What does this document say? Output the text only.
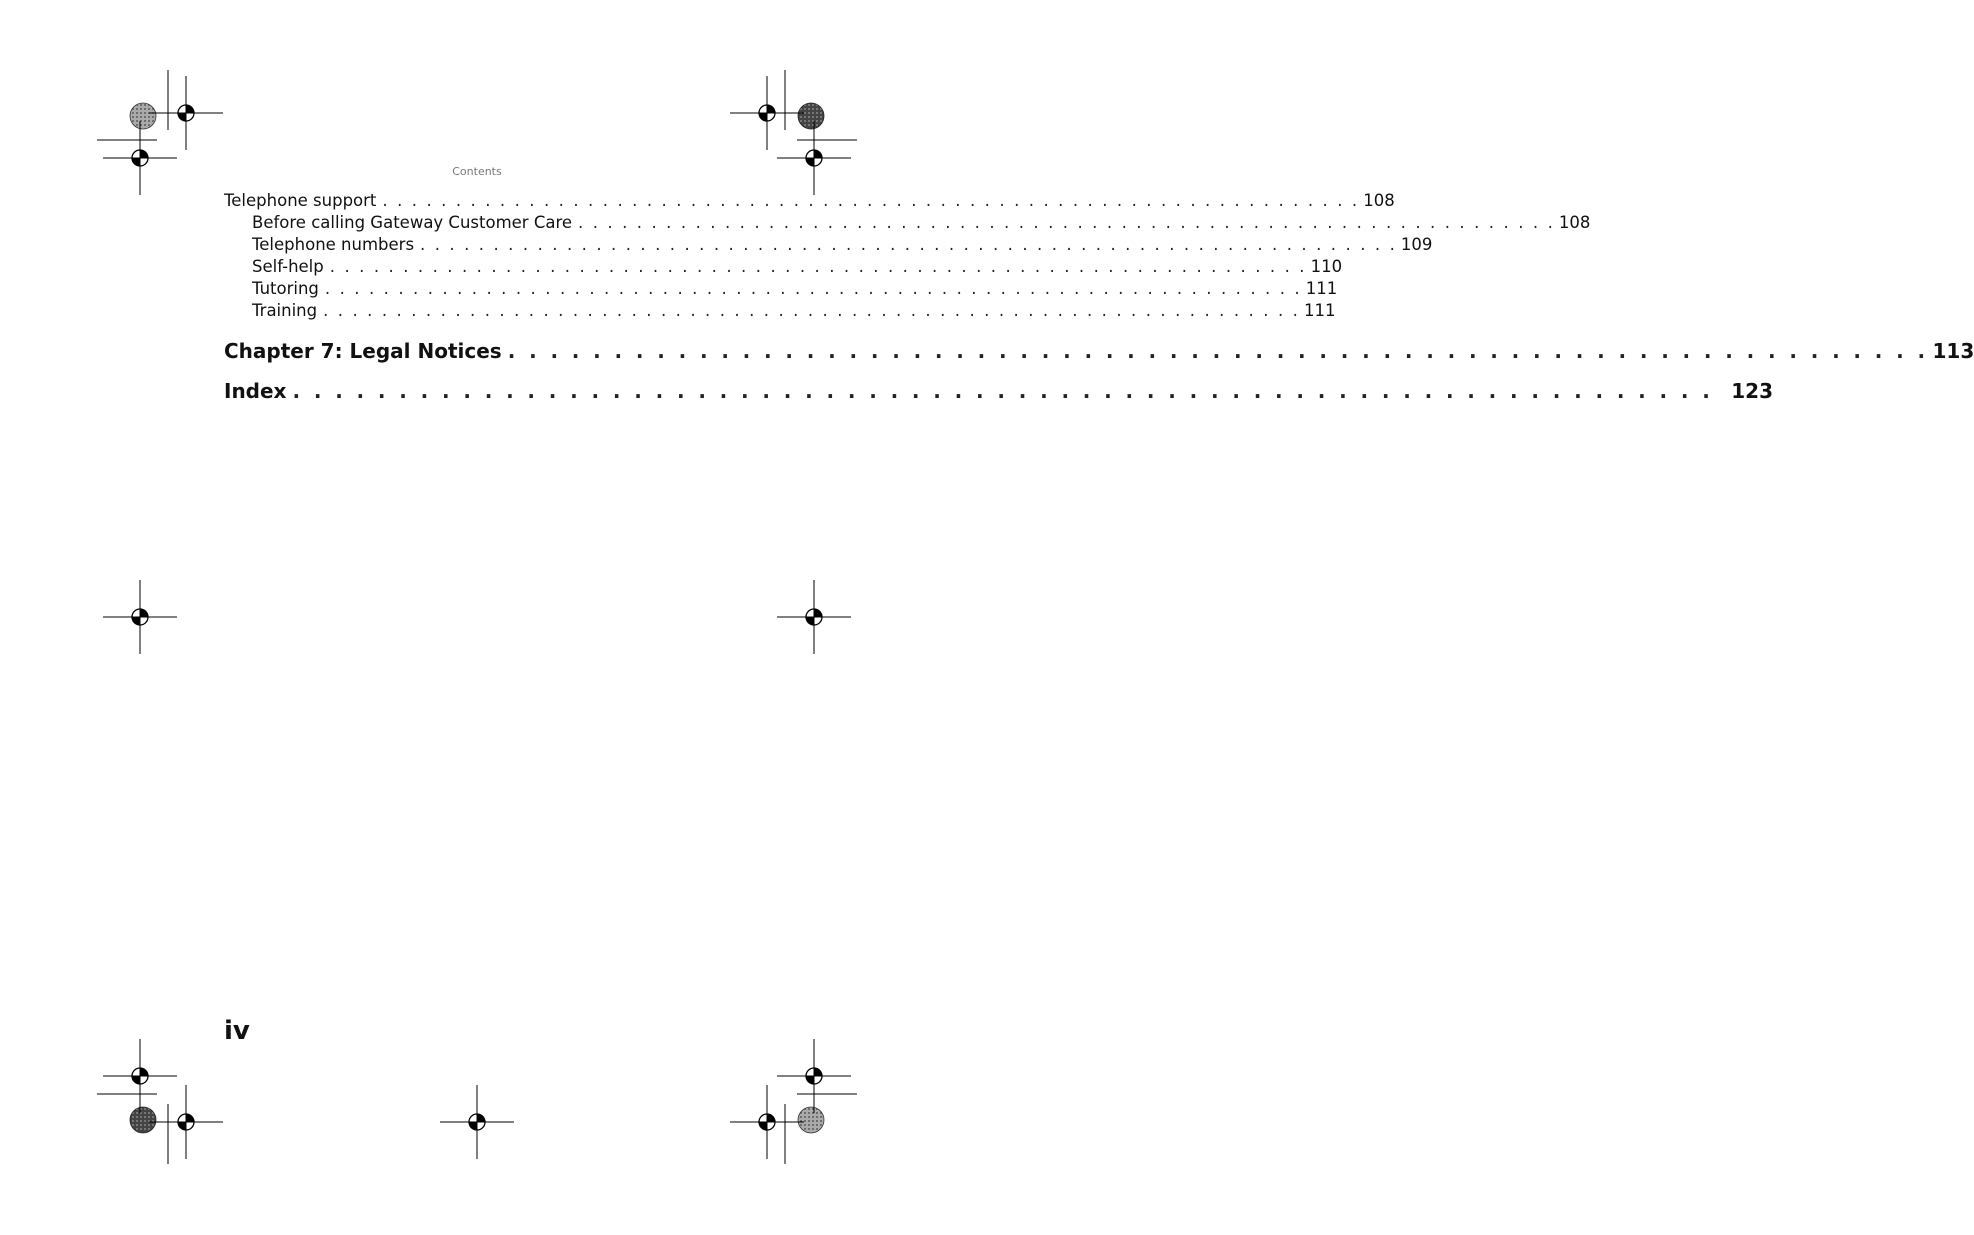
Contents
Telephone support . . . . . . . . . . . . . . . . . . . . . . . . . . . . . . . . . . . . . . . . . . . . . . . . . . . . . . . . . . . . . . . . . . . 108
Before calling Gateway Customer Care . . . . . . . . . . . . . . . . . . . . . . . . . . . . . . . . . . . . . . . . . . . . . . . . . . . . . . . . . . . . . . . . . . . 108
Telephone numbers . . . . . . . . . . . . . . . . . . . . . . . . . . . . . . . . . . . . . . . . . . . . . . . . . . . . . . . . . . . . . . . . . . . 109
Self-help . . . . . . . . . . . . . . . . . . . . . . . . . . . . . . . . . . . . . . . . . . . . . . . . . . . . . . . . . . . . . . . . . . . 110
Tutoring . . . . . . . . . . . . . . . . . . . . . . . . . . . . . . . . . . . . . . . . . . . . . . . . . . . . . . . . . . . . . . . . . . . 111
Training . . . . . . . . . . . . . . . . . . . . . . . . . . . . . . . . . . . . . . . . . . . . . . . . . . . . . . . . . . . . . . . . . . . 111
Chapter 7: Legal Notices . . . . . . . . . . . . . . . . . . . . . . . . . . . . . . . . . . . . . . . . . . . . . . . . . . . . . . . . . . . . . . . . . . . 113
Index . . . . . . . . . . . . . . . . . . . . . . . . . . . . . . . . . . . . . . . . . . . . . . . . . . . . . . . . . . . . . . . . . . . 123
iv
